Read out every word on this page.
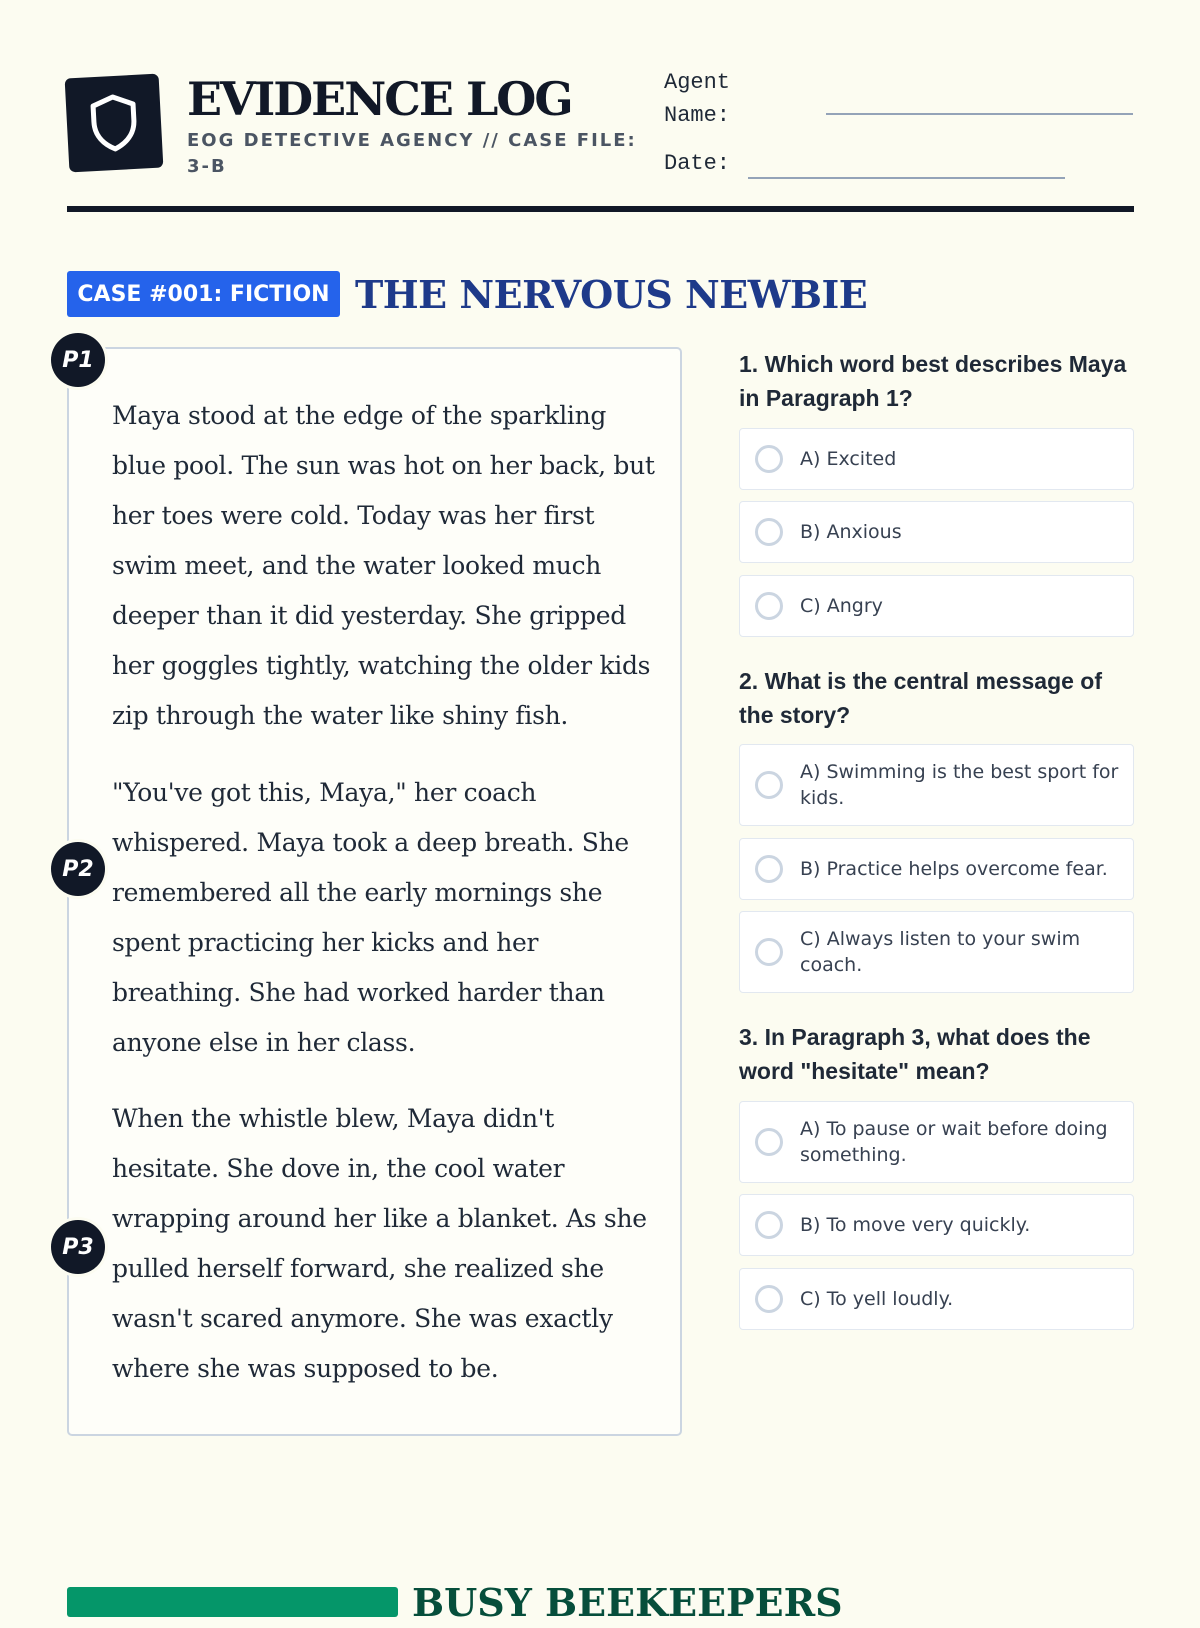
EVIDENCE LOG
EOG DETECTIVE AGENCY // CASE FILE: 3-B
Agent
Name:
Date:
CASE #001: FICTION THE NERVOUS NEWBIE

Maya stood at the edge of the sparkling blue pool. The sun was hot on her back, but her toes were cold. Today was her first swim meet, and the water looked much deeper than it did yesterday. She gripped her goggles tightly, watching the older kids zip through the water like shiny fish.

"You've got this, Maya," her coach whispered. Maya took a deep breath. She remembered all the early mornings she spent practicing her kicks and her breathing. She had worked harder than anyone else in her class.

When the whistle blew, Maya didn't hesitate. She dove in, the cool water wrapping around her like a blanket. As she pulled herself forward, she realized she wasn't scared anymore. She was exactly where she was supposed to be.

P1
P2
P3

1. Which word best describes Maya in Paragraph 1?

A) Excited
B) Anxious
C) Angry

2. What is the central message of the story?

A) Swimming is the best sport for kids.
B) Practice helps overcome fear.
C) Always listen to your swim coach.

3. In Paragraph 3, what does the word "hesitate" mean?

A) To pause or wait before doing something.
B) To move very quickly.
C) To yell loudly.
BUSY BEEKEEPERS
